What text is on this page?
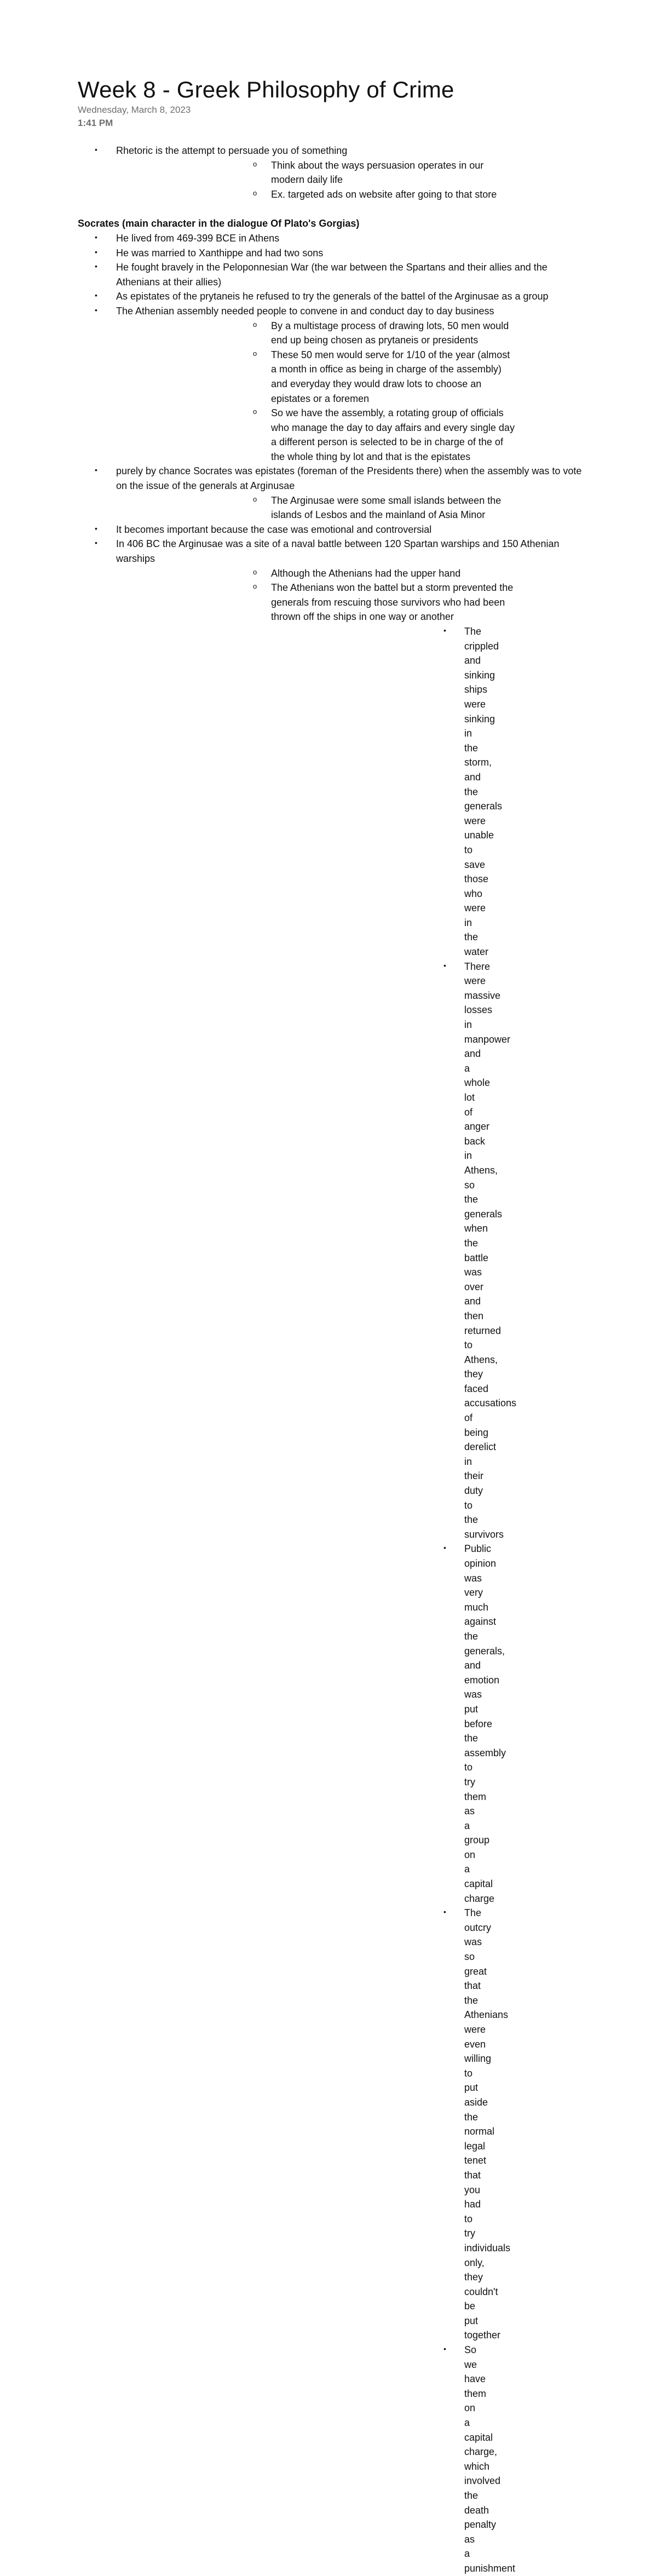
Week 8 - Greek Philosophy of Crime
Wednesday, March 8, 2023
1:41 PM
• Rhetoric is the attempt to persuade you of something
o Think about the ways persuasion operates in our modern daily life
o Ex. targeted ads on website after going to that store
Socrates (main character in the dialogue Of Plato's Gorgias)
• He lived from 469-399 BCE in Athens
• He was married to Xanthippe and had two sons
• He fought bravely in the Peloponnesian War (the war between the Spartans and their allies and the Athenians at their allies)
• As epistates of the prytaneis he refused to try the generals of the battel of the Arginusae as a group
• The Athenian assembly needed people to convene in and conduct day to day business
o By a multistage process of drawing lots, 50 men would end up being chosen as prytaneis or presidents
o These 50 men would serve for 1/10 of the year (almost a month in office as being in charge of the assembly) and everyday they would draw lots to choose an epistates or a foremen
o So we have the assembly, a rotating group of officials who manage the day to day affairs and every single day a different person is selected to be in charge of the of the whole thing by lot and that is the epistates
• purely by chance Socrates was epistates (foreman of the Presidents there) when the assembly was to vote on the issue of the generals at Arginusae
o The Arginusae were some small islands between the islands of Lesbos and the mainland of Asia Minor
• It becomes important because the case was emotional and controversial
• In 406 BC the Arginusae was a site of a naval battle between 120 Spartan warships and 150 Athenian warships
o Although the Athenians had the upper hand
o The Athenians won the battel but a storm prevented the generals from rescuing those survivors who had been thrown off the ships in one way or another
• The crippled and sinking ships were sinking in the storm, and the generals were unable to save those who were in the water
• There were massive losses in manpower and a whole lot of anger back in Athens, so the generals when the battle was over and then returned to Athens, they faced accusations of being derelict in their duty to the survivors
• Public opinion was very much against the generals, and emotion was put before the assembly to try them as a group on a capital charge
• The outcry was so great that the Athenians were even willing to put aside the normal legal tenet that you had to try individuals only, they couldn't be put together
• So we have them on a capital charge, which involved the death penalty as a punishment
